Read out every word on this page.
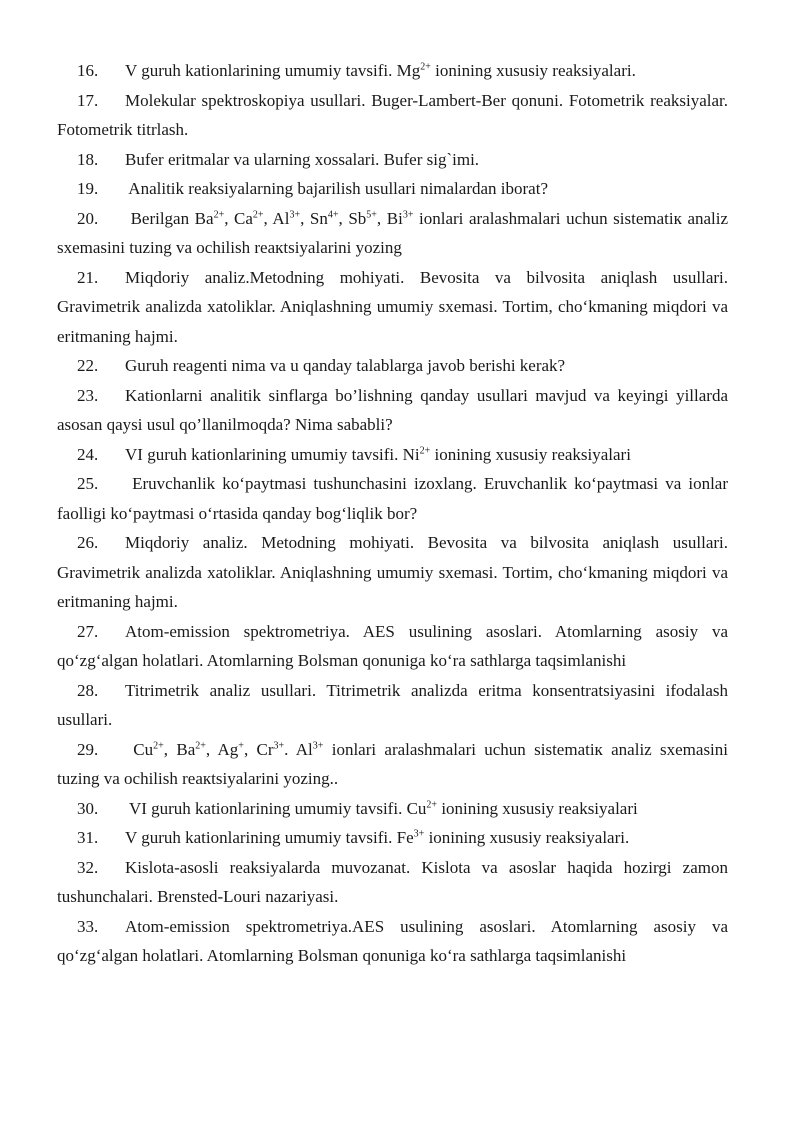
16. V guruh kationlarining umumiy tavsifi. $Mg^{2+}$ ionining xususiy reaksiyalari.

17. Molekular spektroskopiya usullari. Buger-Lambert-Ber qonuni. Fotometrik reaksiyalar. Fotometrik titrlash.

18. Bufer eritmalar va ularning xossalari. Bufer sig`imi.

19. Analitik reaksiyalarning bajarilish usullari nimalardan iborat?

20. Berilgan $Ba^{2+}$, $Ca^{2+}$, $Al^{3+}$, $Sn^{4+}$, $Sb^{5+}$, $Bi^{3+}$ ionlari aralashmalari uchun sistematiк analiz sxemasini tuzing va ochilish reaкtsiyalarini yozing

21. Miqdoriy analiz.Metodning mohiyati. Bevosita va bilvosita aniqlash usullari. Gravimetrik analizda xatoliklar. Aniqlashning umumiy sxemasi. Tortim, cho‘kmaning miqdori va eritmaning hajmi.

22. Guruh reagenti nima va u qanday talablarga javob berishi kerak?

23. Kationlarni analitik sinflarga bo’lishning qanday usullari mavjud va keyingi yillarda asosan qaysi usul qo’llanilmoqda? Nima sababli?

24. VI guruh kationlarining umumiy tavsifi. $Ni^{2+}$ ionining xususiy reaksiyalari

25. Eruvchanlik ko‘paytmasi tushunchasini izoxlang. Eruvchanlik ko‘paytmasi va ionlar faolligi ko‘paytmasi o‘rtasida qanday bog‘liqlik bor?

26. Miqdoriy analiz. Metodning mohiyati. Bevosita va bilvosita aniqlash usullari. Gravimetrik analizda xatoliklar. Aniqlashning umumiy sxemasi. Tortim, cho‘kmaning miqdori va eritmaning hajmi.

27. Atom-emission spektrometriya. AES usulining asoslari. Atomlarning asosiy va qo‘zg‘algan holatlari. Atomlarning Bolsman qonuniga ko‘ra sathlarga taqsimlanishi

28. Titrimetrik analiz usullari. Titrimetrik analizda eritma konsentratsiyasini ifodalash usullari.

29. $Cu^{2+}$, $Ba^{2+}$, Ag+, $Cr^{3+}$. $Al^{3+}$ ionlari aralashmalari uchun sistematiк analiz sxemasini tuzing va ochilish reaкtsiyalarini yozing..

30. VI guruh kationlarining umumiy tavsifi. $Cu^{2+}$ ionining xususiy reaksiyalari

31. V guruh kationlarining umumiy tavsifi. $Fe^{3+}$ ionining xususiy reaksiyalari.

32. Kislota-asosli reaksiyalarda muvozanat. Kislota va asoslar haqida hozirgi zamon tushunchalari. Brensted-Louri nazariyasi.

33. Atom-emission spektrometriya.AES usulining asoslari. Atomlarning asosiy va qo‘zg‘algan holatlari. Atomlarning Bolsman qonuniga ko‘ra sathlarga taqsimlanishi
